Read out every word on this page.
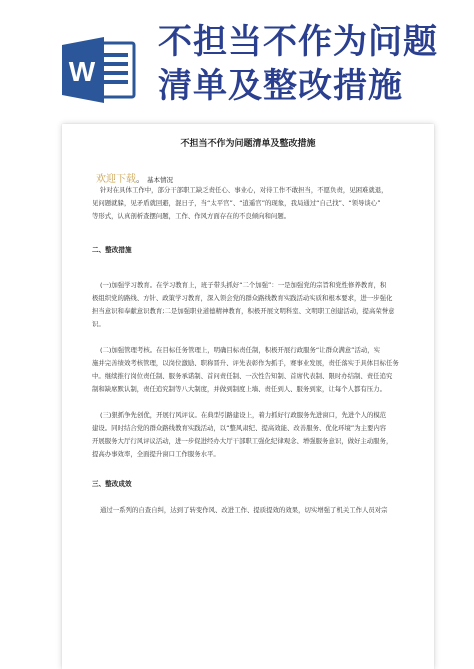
W
不担当不作为问题
清单及整改措施
不担当不作为问题清单及整改措施
欢迎下载。 基本情况
针对在具体工作中，部分干部职工缺乏责任心、事业心，对待工作不敢担当，不愿负责，见困难就退，
见问题就躲，见矛盾就回避，混日子，当“太平官”、“逍遥官”的现象，我局通过“自己找”、“领导谈心”
等形式，认真剖析查摆问题，工作、作风方面存在的不良倾向和问题。
二、整改措施
(一)加强学习教育。在学习教育上，班子带头抓好“二个加强”：一是加强党的宗旨和党性修养教育，积
极组织党的路线、方针、政策学习教育，深入领会党的群众路线教育实践活动实质和根本要求，进一步强化
担当意识和奉献意识教育;二是加强职业道德精神教育，积极开展文明科室、文明职工创建活动，提高荣誉意
识。
(二)加强管理考核。在目标任务管理上，明确目标责任制，积极开展行政服务“让群众满意”活动，实
施并完善绩效考核管理，以岗位激励、职称晋升、评先表彰作为抓手，赛事业发展，责任落实于具体目标任务
中。继续推行岗位责任制、服务承诺制、首问责任制、一次性告知制、首席代表制、限时办结制、责任追究
制和缺席默认制，责任追究制等八大制度，并做到制度上墙、责任到人、服务到家，让每个人都有压力。
(三)狠抓争先创优，开展行风评议。在典型引路建设上，着力抓好行政服务先进窗口，先进个人的模范
建设。同时结合党的群众路线教育实践活动，以“整风肃纪、提高效能、改善服务、优化环境”为主要内容
开展服务大厅行风评议活动，进一步促进经办大厅干部职工强化纪律观念、增强服务意识，做好主动服务，
提高办事效率，全面提升窗口工作服务水平。
三、整改成效
通过一系列的自查自纠，达到了转变作风、改进工作、提质提效的效果，切实增强了机关工作人员对宗
